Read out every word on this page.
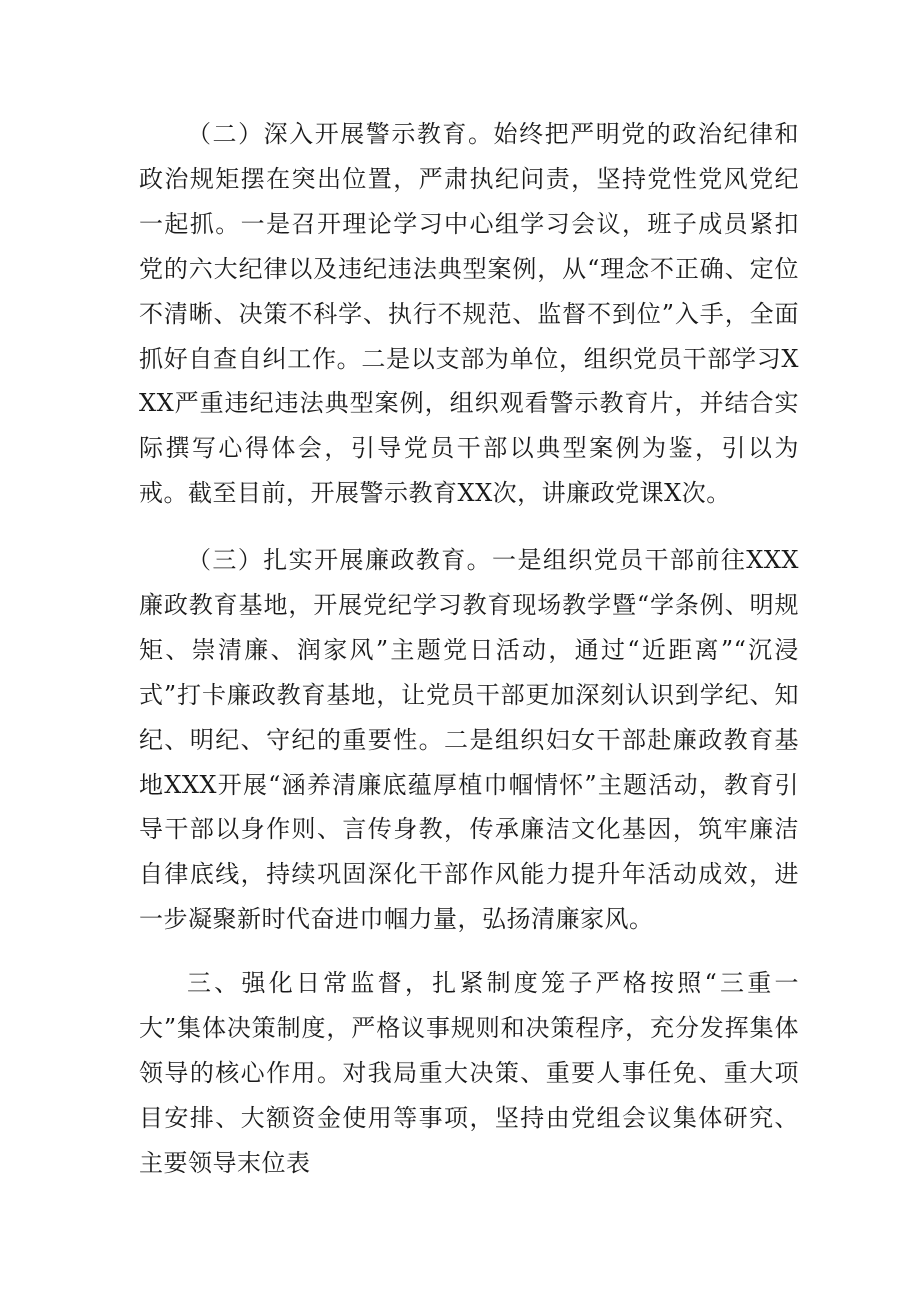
（二）深入开展警示教育。始终把严明党的政治纪律和政治规矩摆在突出位置，严肃执纪问责，坚持党性党风党纪一起抓。一是召开理论学习中心组学习会议，班子成员紧扣党的六大纪律以及违纪违法典型案例，从“理念不正确、定位不清晰、决策不科学、执行不规范、监督不到位”入手，全面抓好自查自纠工作。二是以支部为单位，组织党员干部学习XXX严重违纪违法典型案例，组织观看警示教育片，并结合实际撰写心得体会，引导党员干部以典型案例为鉴，引以为戒。截至目前，开展警示教育XX次，讲廉政党课X次。

（三）扎实开展廉政教育。一是组织党员干部前往XXX廉政教育基地，开展党纪学习教育现场教学暨“学条例、明规矩、崇清廉、润家风”主题党日活动，通过“近距离”“沉浸式”打卡廉政教育基地，让党员干部更加深刻认识到学纪、知纪、明纪、守纪的重要性。二是组织妇女干部赴廉政教育基地XXX开展“涵养清廉底蕴厚植巾帼情怀”主题活动，教育引导干部以身作则、言传身教，传承廉洁文化基因，筑牢廉洁自律底线，持续巩固深化干部作风能力提升年活动成效，进一步凝聚新时代奋进巾帼力量，弘扬清廉家风。

三、强化日常监督，扎紧制度笼子严格按照“三重一大”集体决策制度，严格议事规则和决策程序，充分发挥集体领导的核心作用。对我局重大决策、重要人事任免、重大项目安排、大额资金使用等事项，坚持由党组会议集体研究、主要领导末位表
